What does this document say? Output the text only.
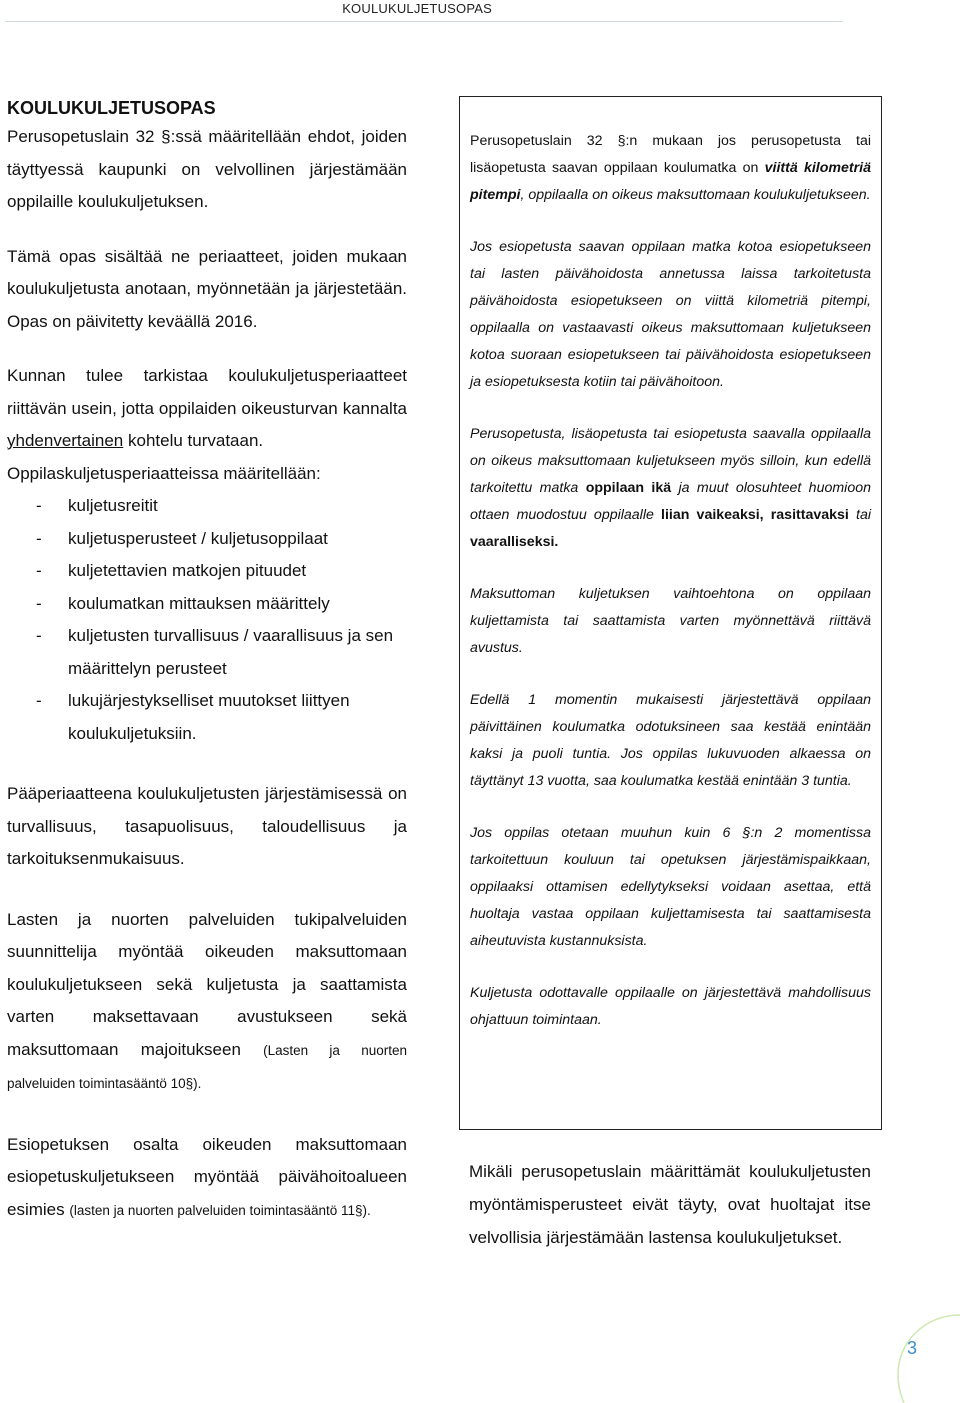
KOULUKULJETUSOPAS

KOULUKULJETUSOPAS

Perusopetuslain 32 §:ssä määritellään ehdot, joiden täyttyessä kaupunki on velvollinen järjestämään oppilaille koulukuljetuksen.

Tämä opas sisältää ne periaatteet, joiden mukaan koulukuljetusta anotaan, myönnetään ja järjestetään. Opas on päivitetty keväällä 2016.

Kunnan tulee tarkistaa koulukuljetusperiaatteet riittävän usein, jotta oppilaiden oikeusturvan kannalta yhdenvertainen kohtelu turvataan.

Oppilaskuljetusperiaatteissa määritellään:

- kuljetusreitit
- kuljetusperusteet / kuljetusoppilaat
- kuljetettavien matkojen pituudet
- koulumatkan mittauksen määrittely
- kuljetusten turvallisuus / vaarallisuus ja sen määrittelyn perusteet
- lukujärjestykselliset muutokset liittyen koulukuljetuksiin.

Pääperiaatteena koulukuljetusten järjestämisessä on turvallisuus, tasapuolisuus, taloudellisuus ja tarkoituksenmukaisuus.

Lasten ja nuorten palveluiden tukipalveluiden suunnittelija myöntää oikeuden maksuttomaan koulukuljetukseen sekä kuljetusta ja saattamista varten maksettavaan avustukseen sekä maksuttomaan majoitukseen (Lasten ja nuorten palveluiden toimintasääntö 10§).

Esiopetuksen osalta oikeuden maksuttomaan esiopetuskuljetukseen myöntää päivähoitoalueen esimies (lasten ja nuorten palveluiden toimintasääntö 11§).

Perusopetuslain 32 §:n mukaan jos perusopetusta tai lisäopetusta saavan oppilaan koulumatka on viittä kilometriä pitempi, oppilaalla on oikeus maksuttomaan koulukuljetukseen.

Jos esiopetusta saavan oppilaan matka kotoa esiopetukseen tai lasten päivähoidosta annetussa laissa tarkoitetusta päivähoidosta esiopetukseen on viittä kilometriä pitempi, oppilaalla on vastaavasti oikeus maksuttomaan kuljetukseen kotoa suoraan esiopetukseen tai päivähoidosta esiopetukseen ja esiopetuksesta kotiin tai päivähoitoon.

Perusopetusta, lisäopetusta tai esiopetusta saavalla oppilaalla on oikeus maksuttomaan kuljetukseen myös silloin, kun edellä tarkoitettu matka oppilaan ikä ja muut olosuhteet huomioon ottaen muodostuu oppilaalle liian vaikeaksi, rasittavaksi tai vaaralliseksi.

Maksuttoman kuljetuksen vaihtoehtona on oppilaan kuljettamista tai saattamista varten myönnettävä riittävä avustus.

Edellä 1 momentin mukaisesti järjestettävä oppilaan päivittäinen koulumatka odotuksineen saa kestää enintään kaksi ja puoli tuntia. Jos oppilas lukuvuoden alkaessa on täyttänyt 13 vuotta, saa koulumatka kestää enintään 3 tuntia.

Jos oppilas otetaan muuhun kuin 6 §:n 2 momentissa tarkoitettuun kouluun tai opetuksen järjestämispaikkaan, oppilaaksi ottamisen edellytykseksi voidaan asettaa, että huoltaja vastaa oppilaan kuljettamisesta tai saattamisesta aiheutuvista kustannuksista.

Kuljetusta odottavalle oppilaalle on järjestettävä mahdollisuus ohjattuun toimintaan.

Mikäli perusopetuslain määrittämät koulukuljetusten myöntämisperusteet eivät täyty, ovat huoltajat itse velvollisia järjestämään lastensa koulukuljetukset.

3
